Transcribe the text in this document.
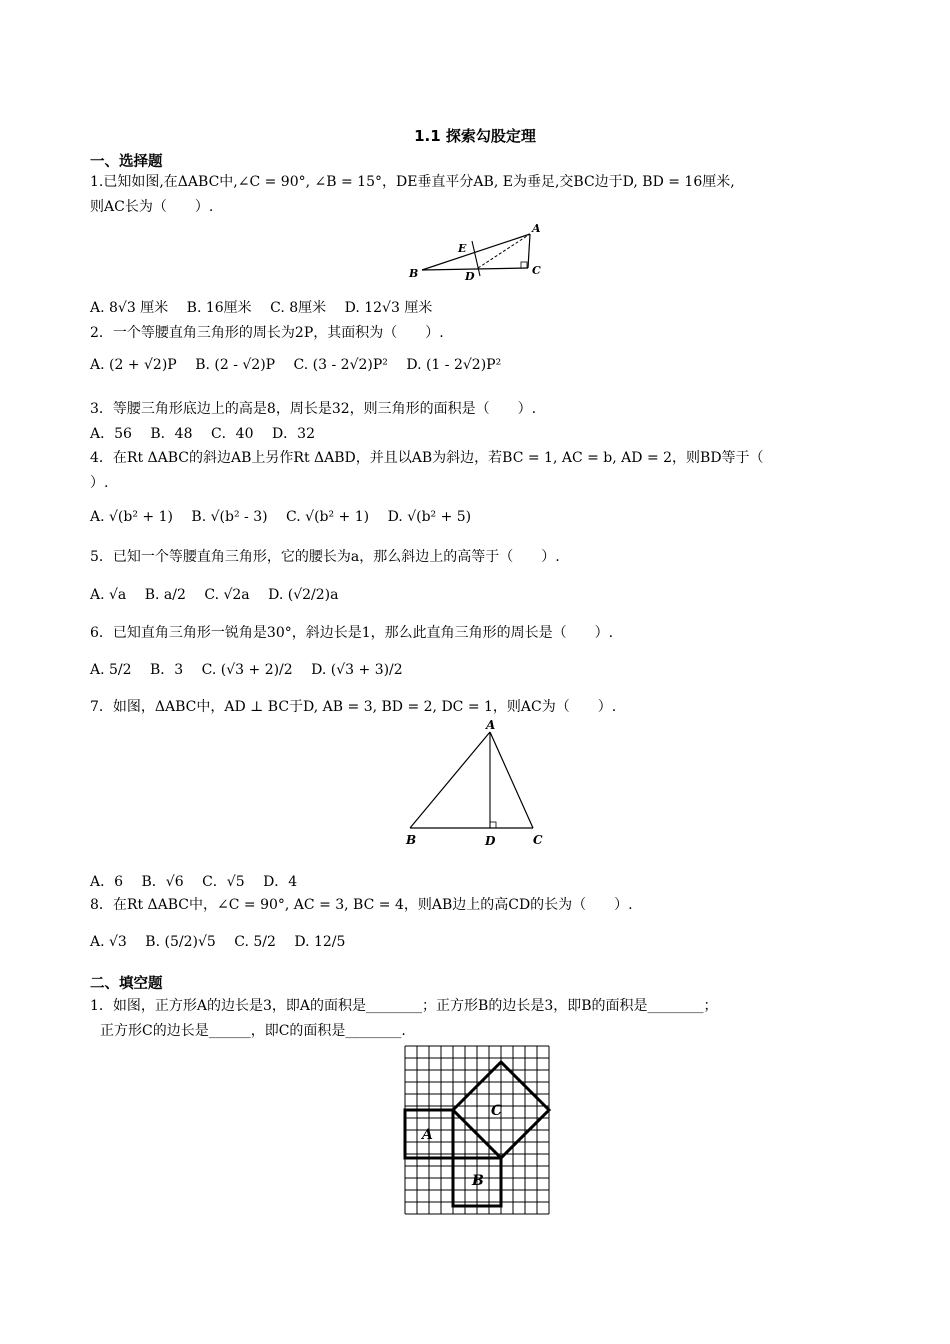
1.1 探索勾股定理
一、选择题
1.已知如图,在ΔABC中,∠C = 90°, ∠B = 15°，DE垂直平分AB, E为垂足,交BC边于D, BD = 16厘米,
则AC长为（　　）.
A
B	C
D
E
A. 8√3 厘米 B. 16厘米 C. 8厘米 D. 12√3 厘米
2．一个等腰直角三角形的周长为2P，其面积为（　　）.
A. (2 + √2)P B. (2 - √2)P C. (3 - 2√2)P² D. (1 - 2√2)P²
3．等腰三角形底边上的高是8，周长是32，则三角形的面积是（　　）.
A．56 B．48 C．40 D．32
4．在Rt ΔABC的斜边AB上另作Rt ΔABD，并且以AB为斜边，若BC = 1, AC = b, AD = 2，则BD等于（
）.
A. √(b² + 1) B. √(b² - 3) C. √(b² + 1) D. √(b² + 5)
5．已知一个等腰直角三角形，它的腰长为a，那么斜边上的高等于（　　）.
A. √a B. a/2 C. √2a D. (√2/2)a
6．已知直角三角形一锐角是30°，斜边长是1，那么此直角三角形的周长是（　　）.
A. 5/2 B．3 C. (√3 + 2)/2 D. (√3 + 3)/2
7．如图，ΔABC中，AD ⊥ BC于D, AB = 3, BD = 2, DC = 1，则AC为（　　）.
A
B	D	C
A．6 B．√6 C．√5 D．4
8．在Rt ΔABC中，∠C = 90°, AC = 3, BC = 4，则AB边上的高CD的长为（　　）.
A. √3 B. (5/2)√5 C. 5/2 D. 12/5
二、填空题
1．如图，正方形A的边长是3，即A的面积是________；正方形B的边长是3，即B的面积是________；
正方形C的边长是______，即C的面积是________.
A
B
C
